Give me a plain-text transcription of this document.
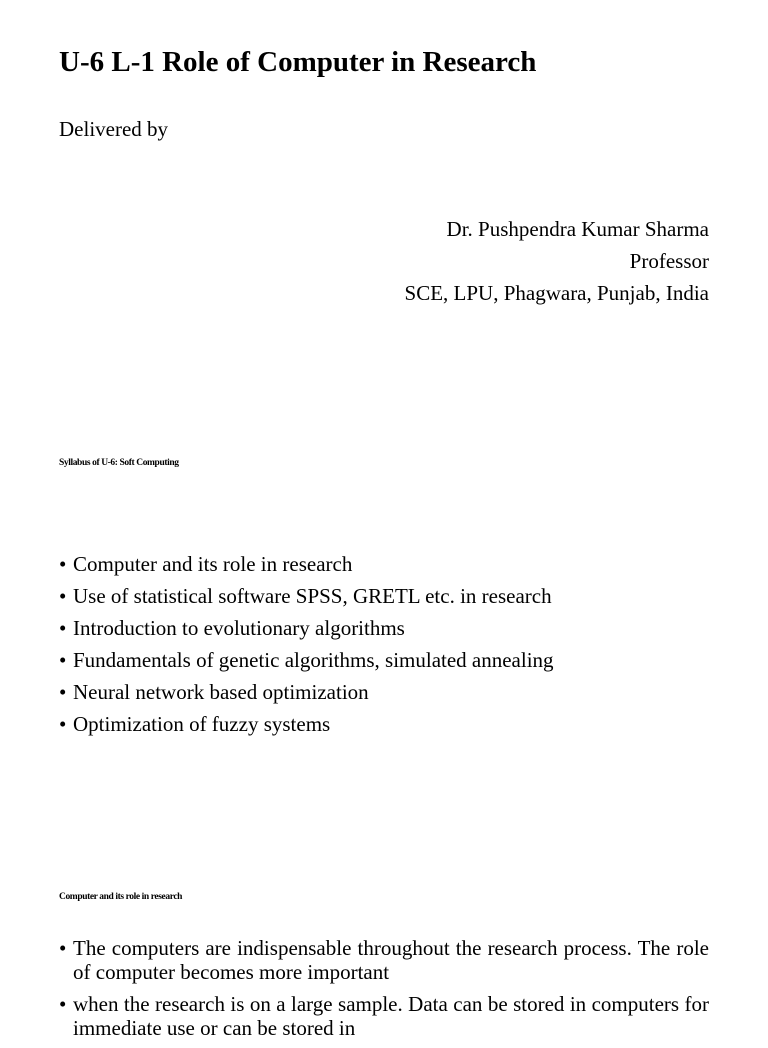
U-6 L-1 Role of Computer in Research
Delivered by
Dr. Pushpendra Kumar Sharma
Professor
SCE, LPU, Phagwara, Punjab, India
Syllabus of U-6: Soft Computing
• Computer and its role in research
• Use of statistical software SPSS, GRETL etc. in research
• Introduction to evolutionary algorithms
• Fundamentals of genetic algorithms, simulated annealing
• Neural network based optimization
• Optimization of fuzzy systems
Computer and its role in research
• The computers are indispensable throughout the research process. The role of computer becomes more important
• when the research is on a large sample. Data can be stored in computers for immediate use or can be stored in
